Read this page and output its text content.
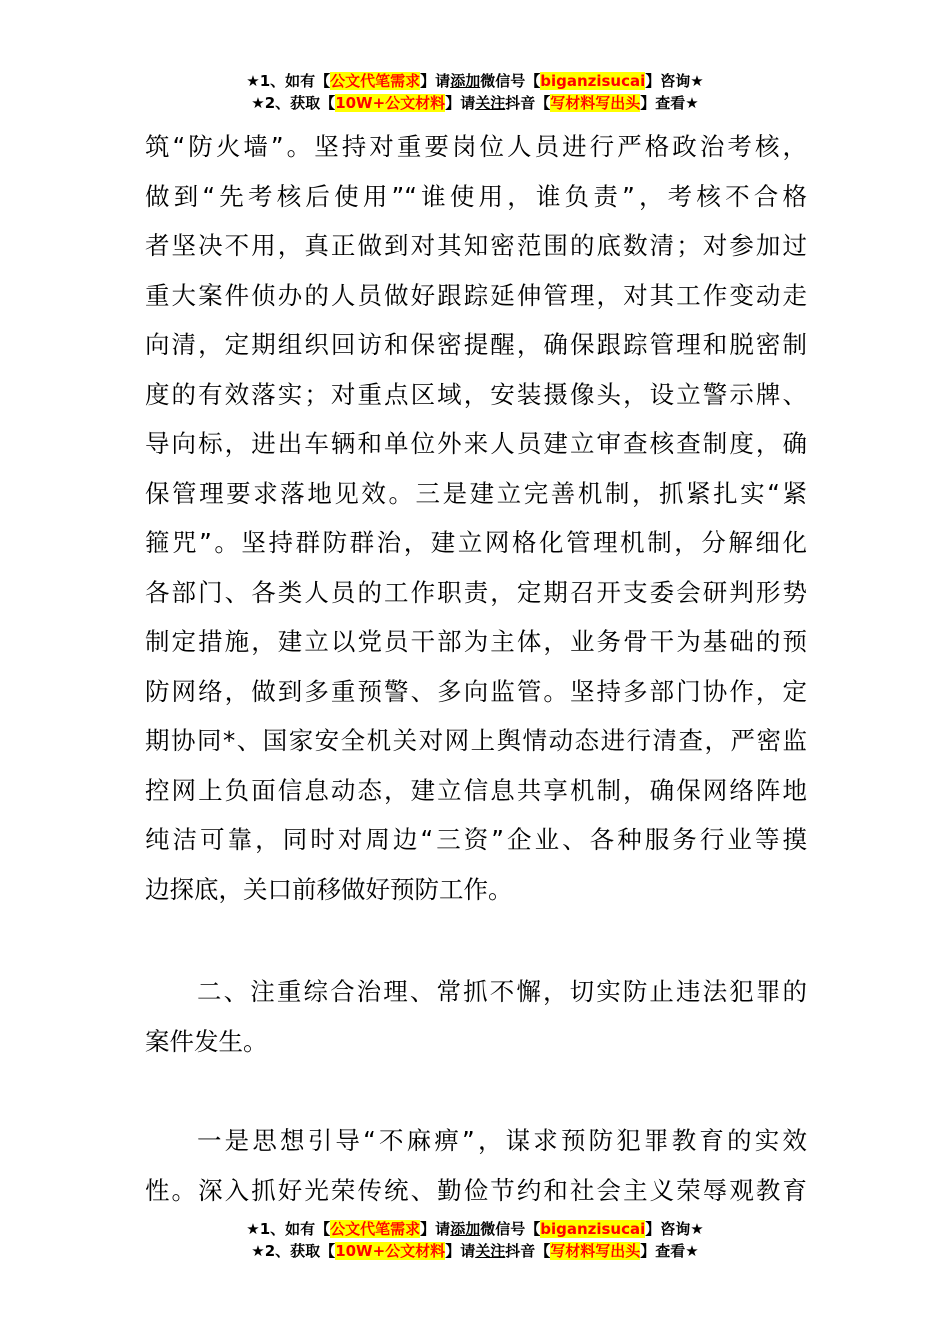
★1、如有【公文代笔需求】请添加微信号【biganzisucai】咨询★
★2、获取【10W+公文材料】请关注抖音【写材料写出头】查看★
筑“防火墙”。坚持对重要岗位人员进行严格政治考核，
做到“先考核后使用”“谁使用，谁负责”，考核不合格
者坚决不用，真正做到对其知密范围的底数清；对参加过
重大案件侦办的人员做好跟踪延伸管理，对其工作变动走
向清，定期组织回访和保密提醒，确保跟踪管理和脱密制
度的有效落实；对重点区域，安装摄像头，设立警示牌、
导向标，进出车辆和单位外来人员建立审查核查制度，确
保管理要求落地见效。三是建立完善机制，抓紧扎实“紧
箍咒”。坚持群防群治，建立网格化管理机制，分解细化
各部门、各类人员的工作职责，定期召开支委会研判形势
制定措施，建立以党员干部为主体，业务骨干为基础的预
防网络，做到多重预警、多向监管。坚持多部门协作，定
期协同*、国家安全机关对网上舆情动态进行清查，严密监
控网上负面信息动态，建立信息共享机制，确保网络阵地
纯洁可靠，同时对周边“三资”企业、各种服务行业等摸
边探底，关口前移做好预防工作。
二、注重综合治理、常抓不懈，切实防止违法犯罪的
案件发生。
一是思想引导“不麻痹”，谋求预防犯罪教育的实效
性。深入抓好光荣传统、勤俭节约和社会主义荣辱观教育
★1、如有【公文代笔需求】请添加微信号【biganzisucai】咨询★
★2、获取【10W+公文材料】请关注抖音【写材料写出头】查看★
